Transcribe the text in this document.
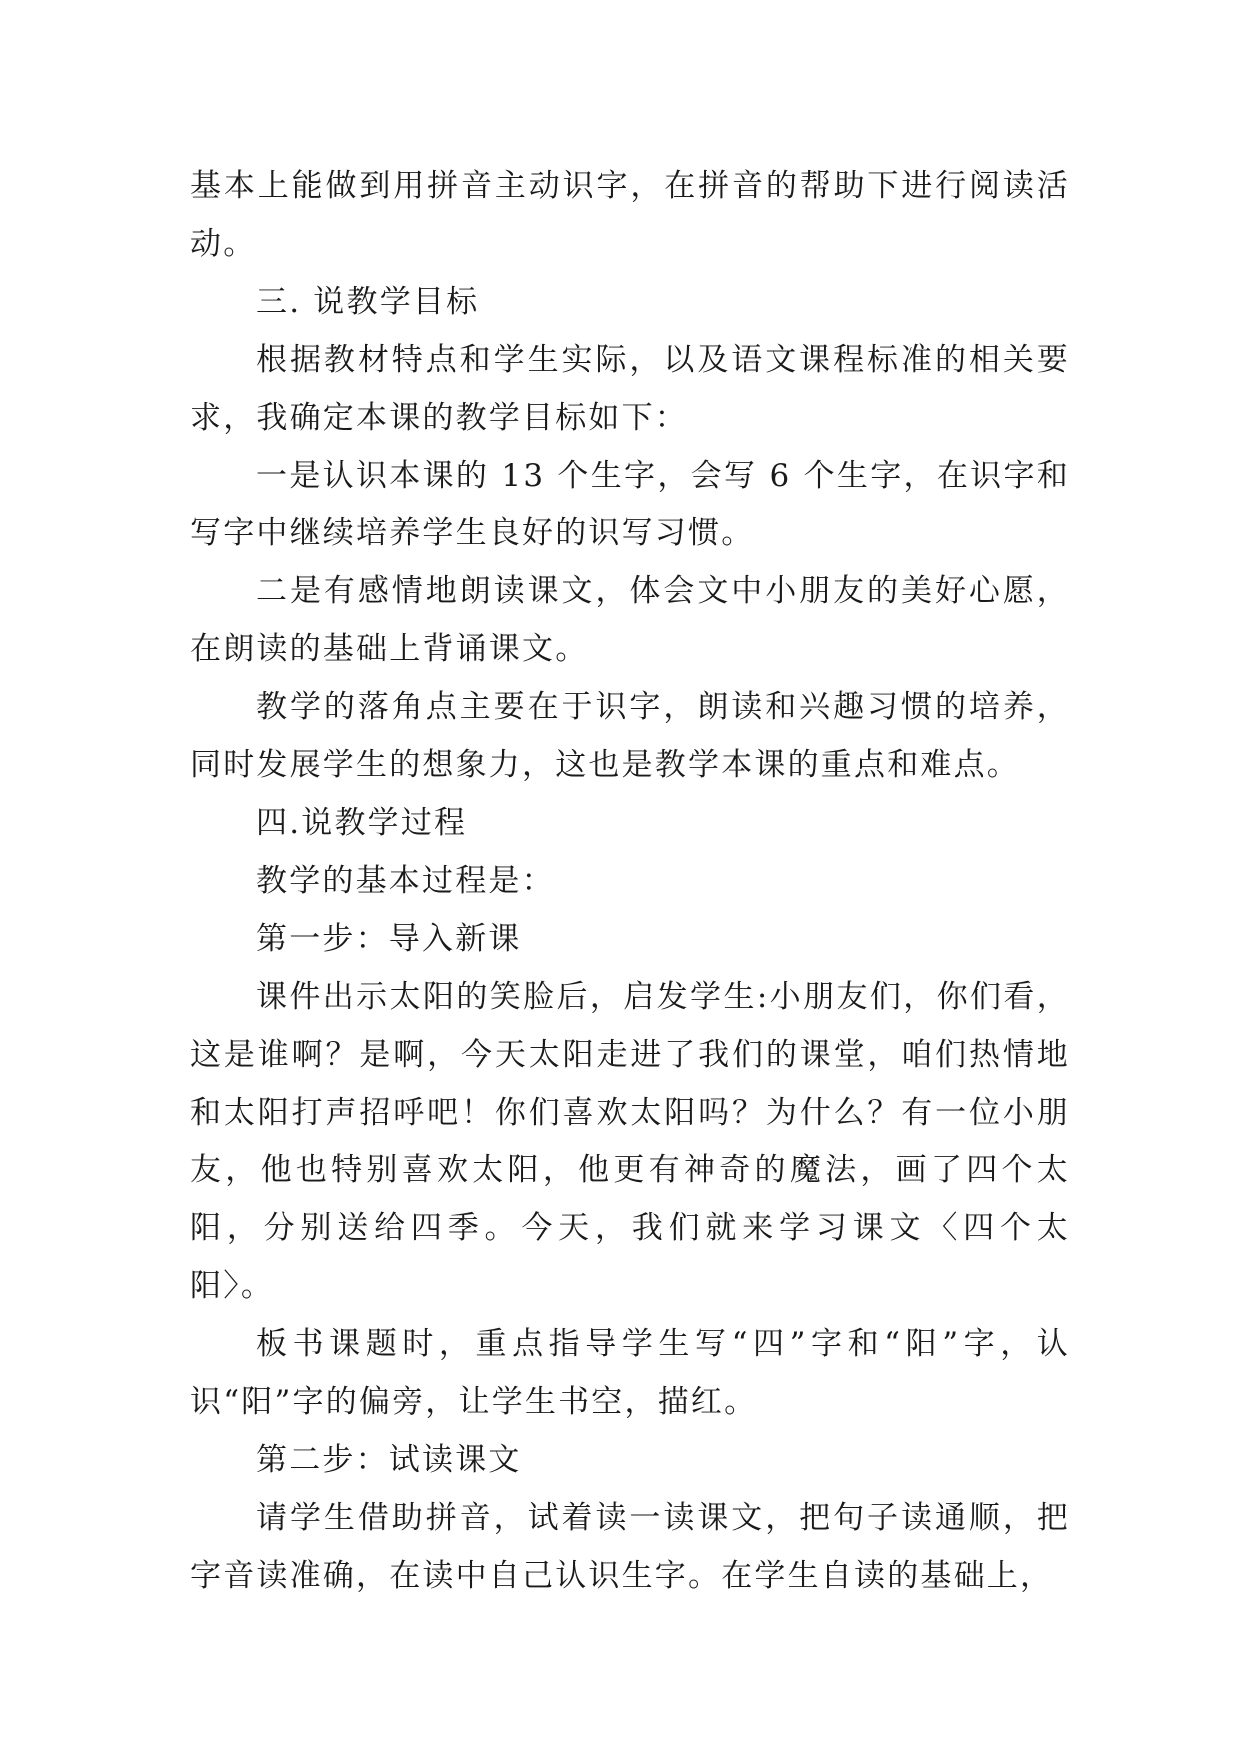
基本上能做到用拼音主动识字，在拼音的帮助下进行阅读活动。

三. 说教学目标

根据教材特点和学生实际，以及语文课程标准的相关要求，我确定本课的教学目标如下：

一是认识本课的 13 个生字，会写 6 个生字，在识字和写字中继续培养学生良好的识写习惯。

二是有感情地朗读课文，体会文中小朋友的美好心愿，在朗读的基础上背诵课文。

教学的落角点主要在于识字，朗读和兴趣习惯的培养，同时发展学生的想象力，这也是教学本课的重点和难点。

四.说教学过程

教学的基本过程是：

第一步：导入新课

课件出示太阳的笑脸后，启发学生:小朋友们，你们看，这是谁啊？是啊，今天太阳走进了我们的课堂，咱们热情地和太阳打声招呼吧！你们喜欢太阳吗？为什么？有一位小朋友，他也特别喜欢太阳，他更有神奇的魔法，画了四个太阳，分别送给四季。今天，我们就来学习课文〈四个太阳〉。

板书课题时，重点指导学生写“四”字和“阳”字，认识“阳”字的偏旁，让学生书空，描红。

第二步：试读课文

请学生借助拼音，试着读一读课文，把句子读通顺，把字音读准确，在读中自己认识生字。在学生自读的基础上，
